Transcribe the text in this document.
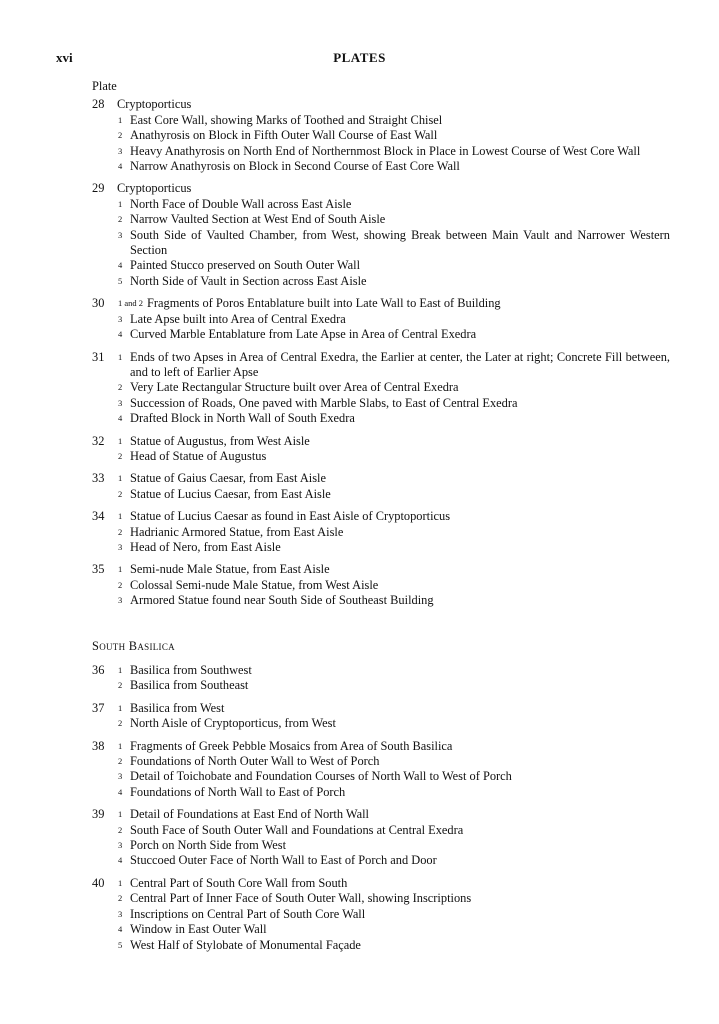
xvi	PLATES
Plate
28	Cryptoporticus
1 East Core Wall, showing Marks of Toothed and Straight Chisel
2 Anathyrosis on Block in Fifth Outer Wall Course of East Wall
3 Heavy Anathyrosis on North End of Northernmost Block in Place in Lowest Course of West Core Wall
4 Narrow Anathyrosis on Block in Second Course of East Core Wall
29	Cryptoporticus
1 North Face of Double Wall across East Aisle
2 Narrow Vaulted Section at West End of South Aisle
3 South Side of Vaulted Chamber, from West, showing Break between Main Vault and Narrower Western Section
4 Painted Stucco preserved on South Outer Wall
5 North Side of Vault in Section across East Aisle
30	1 and 2 Fragments of Poros Entablature built into Late Wall to East of Building
3 Late Apse built into Area of Central Exedra
4 Curved Marble Entablature from Late Apse in Area of Central Exedra
31	1 Ends of two Apses in Area of Central Exedra, the Earlier at center, the Later at right; Concrete Fill between, and to left of Earlier Apse
2 Very Late Rectangular Structure built over Area of Central Exedra
3 Succession of Roads, One paved with Marble Slabs, to East of Central Exedra
4 Drafted Block in North Wall of South Exedra
32	1 Statue of Augustus, from West Aisle
2 Head of Statue of Augustus
33	1 Statue of Gaius Caesar, from East Aisle
2 Statue of Lucius Caesar, from East Aisle
34	1 Statue of Lucius Caesar as found in East Aisle of Cryptoporticus
2 Hadrianic Armored Statue, from East Aisle
3 Head of Nero, from East Aisle
35	1 Semi-nude Male Statue, from East Aisle
2 Colossal Semi-nude Male Statue, from West Aisle
3 Armored Statue found near South Side of Southeast Building
South Basilica
36	1 Basilica from Southwest
2 Basilica from Southeast
37	1 Basilica from West
2 North Aisle of Cryptoporticus, from West
38	1 Fragments of Greek Pebble Mosaics from Area of South Basilica
2 Foundations of North Outer Wall to West of Porch
3 Detail of Toichobate and Foundation Courses of North Wall to West of Porch
4 Foundations of North Wall to East of Porch
39	1 Detail of Foundations at East End of North Wall
2 South Face of South Outer Wall and Foundations at Central Exedra
3 Porch on North Side from West
4 Stuccoed Outer Face of North Wall to East of Porch and Door
40	1 Central Part of South Core Wall from South
2 Central Part of Inner Face of South Outer Wall, showing Inscriptions
3 Inscriptions on Central Part of South Core Wall
4 Window in East Outer Wall
5 West Half of Stylobate of Monumental Façade
